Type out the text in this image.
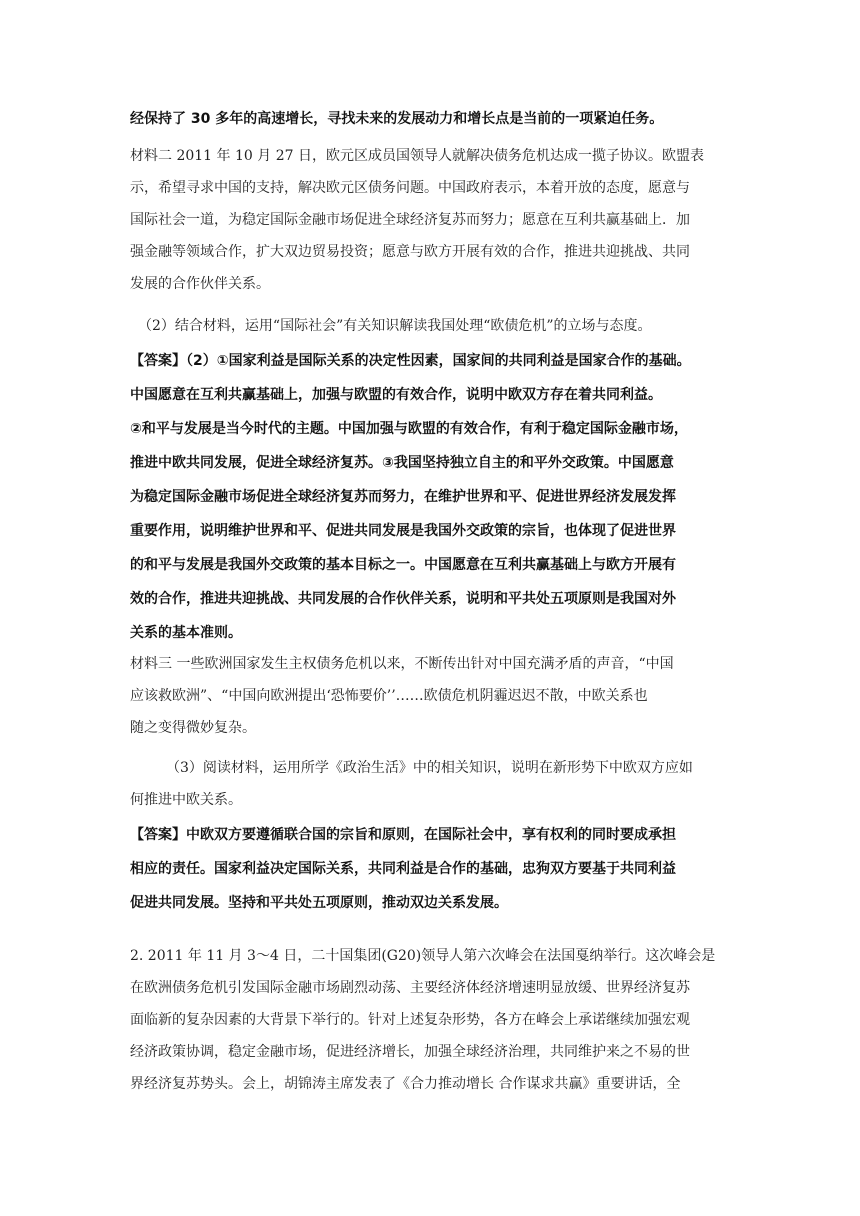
经保持了 30 多年的高速增长，寻找未来的发展动力和增长点是当前的一项紧迫任务。
材料二 2011 年 10 月 27 日，欧元区成员国领导人就解决债务危机达成一揽子协议。欧盟表
示，希望寻求中国的支持，解决欧元区债务问题。中国政府表示，本着开放的态度，愿意与
国际社会一道，为稳定国际金融市场促进全球经济复苏而努力；愿意在互利共赢基础上．加
强金融等领域合作，扩大双边贸易投资；愿意与欧方开展有效的合作，推进共迎挑战、共同
发展的合作伙伴关系。
（2）结合材料，运用“国际社会”有关知识解读我国处理“欧债危机”的立场与态度。
【答案】（2）①国家利益是国际关系的决定性因素，国家间的共同利益是国家合作的基础。
中国愿意在互利共赢基础上，加强与欧盟的有效合作，说明中欧双方存在着共同利益。
②和平与发展是当今时代的主题。中国加强与欧盟的有效合作，有利于稳定国际金融市场，
推进中欧共同发展，促进全球经济复苏。③我国坚持独立自主的和平外交政策。中国愿意
为稳定国际金融市场促进全球经济复苏而努力，在维护世界和平、促进世界经济发展发挥
重要作用，说明维护世界和平、促进共同发展是我国外交政策的宗旨，也体现了促进世界
的和平与发展是我国外交政策的基本目标之一。中国愿意在互利共赢基础上与欧方开展有
效的合作，推进共迎挑战、共同发展的合作伙伴关系，说明和平共处五项原则是我国对外
关系的基本准则。
材料三 一些欧洲国家发生主权债务危机以来，不断传出针对中国充满矛盾的声音，“中国
应该救欧洲”、“中国向欧洲提出‘恐怖要价’’……欧债危机阴霾迟迟不散，中欧关系也
随之变得微妙复杂。
（3）阅读材料，运用所学《政治生活》中的相关知识，说明在新形势下中欧双方应如
何推进中欧关系。
【答案】中欧双方要遵循联合国的宗旨和原则，在国际社会中，享有权利的同时要成承担
相应的责任。国家利益决定国际关系，共同利益是合作的基础，忠狗双方要基于共同利益
促进共同发展。坚持和平共处五项原则，推动双边关系发展。
2. 2011 年 11 月 3～4 日，二十国集团(G20)领导人第六次峰会在法国戛纳举行。这次峰会是
在欧洲债务危机引发国际金融市场剧烈动荡、主要经济体经济增速明显放缓、世界经济复苏
面临新的复杂因素的大背景下举行的。针对上述复杂形势，各方在峰会上承诺继续加强宏观
经济政策协调，稳定金融市场，促进经济增长，加强全球经济治理，共同维护来之不易的世
界经济复苏势头。会上，胡锦涛主席发表了《合力推动增长 合作谋求共赢》重要讲话，全
